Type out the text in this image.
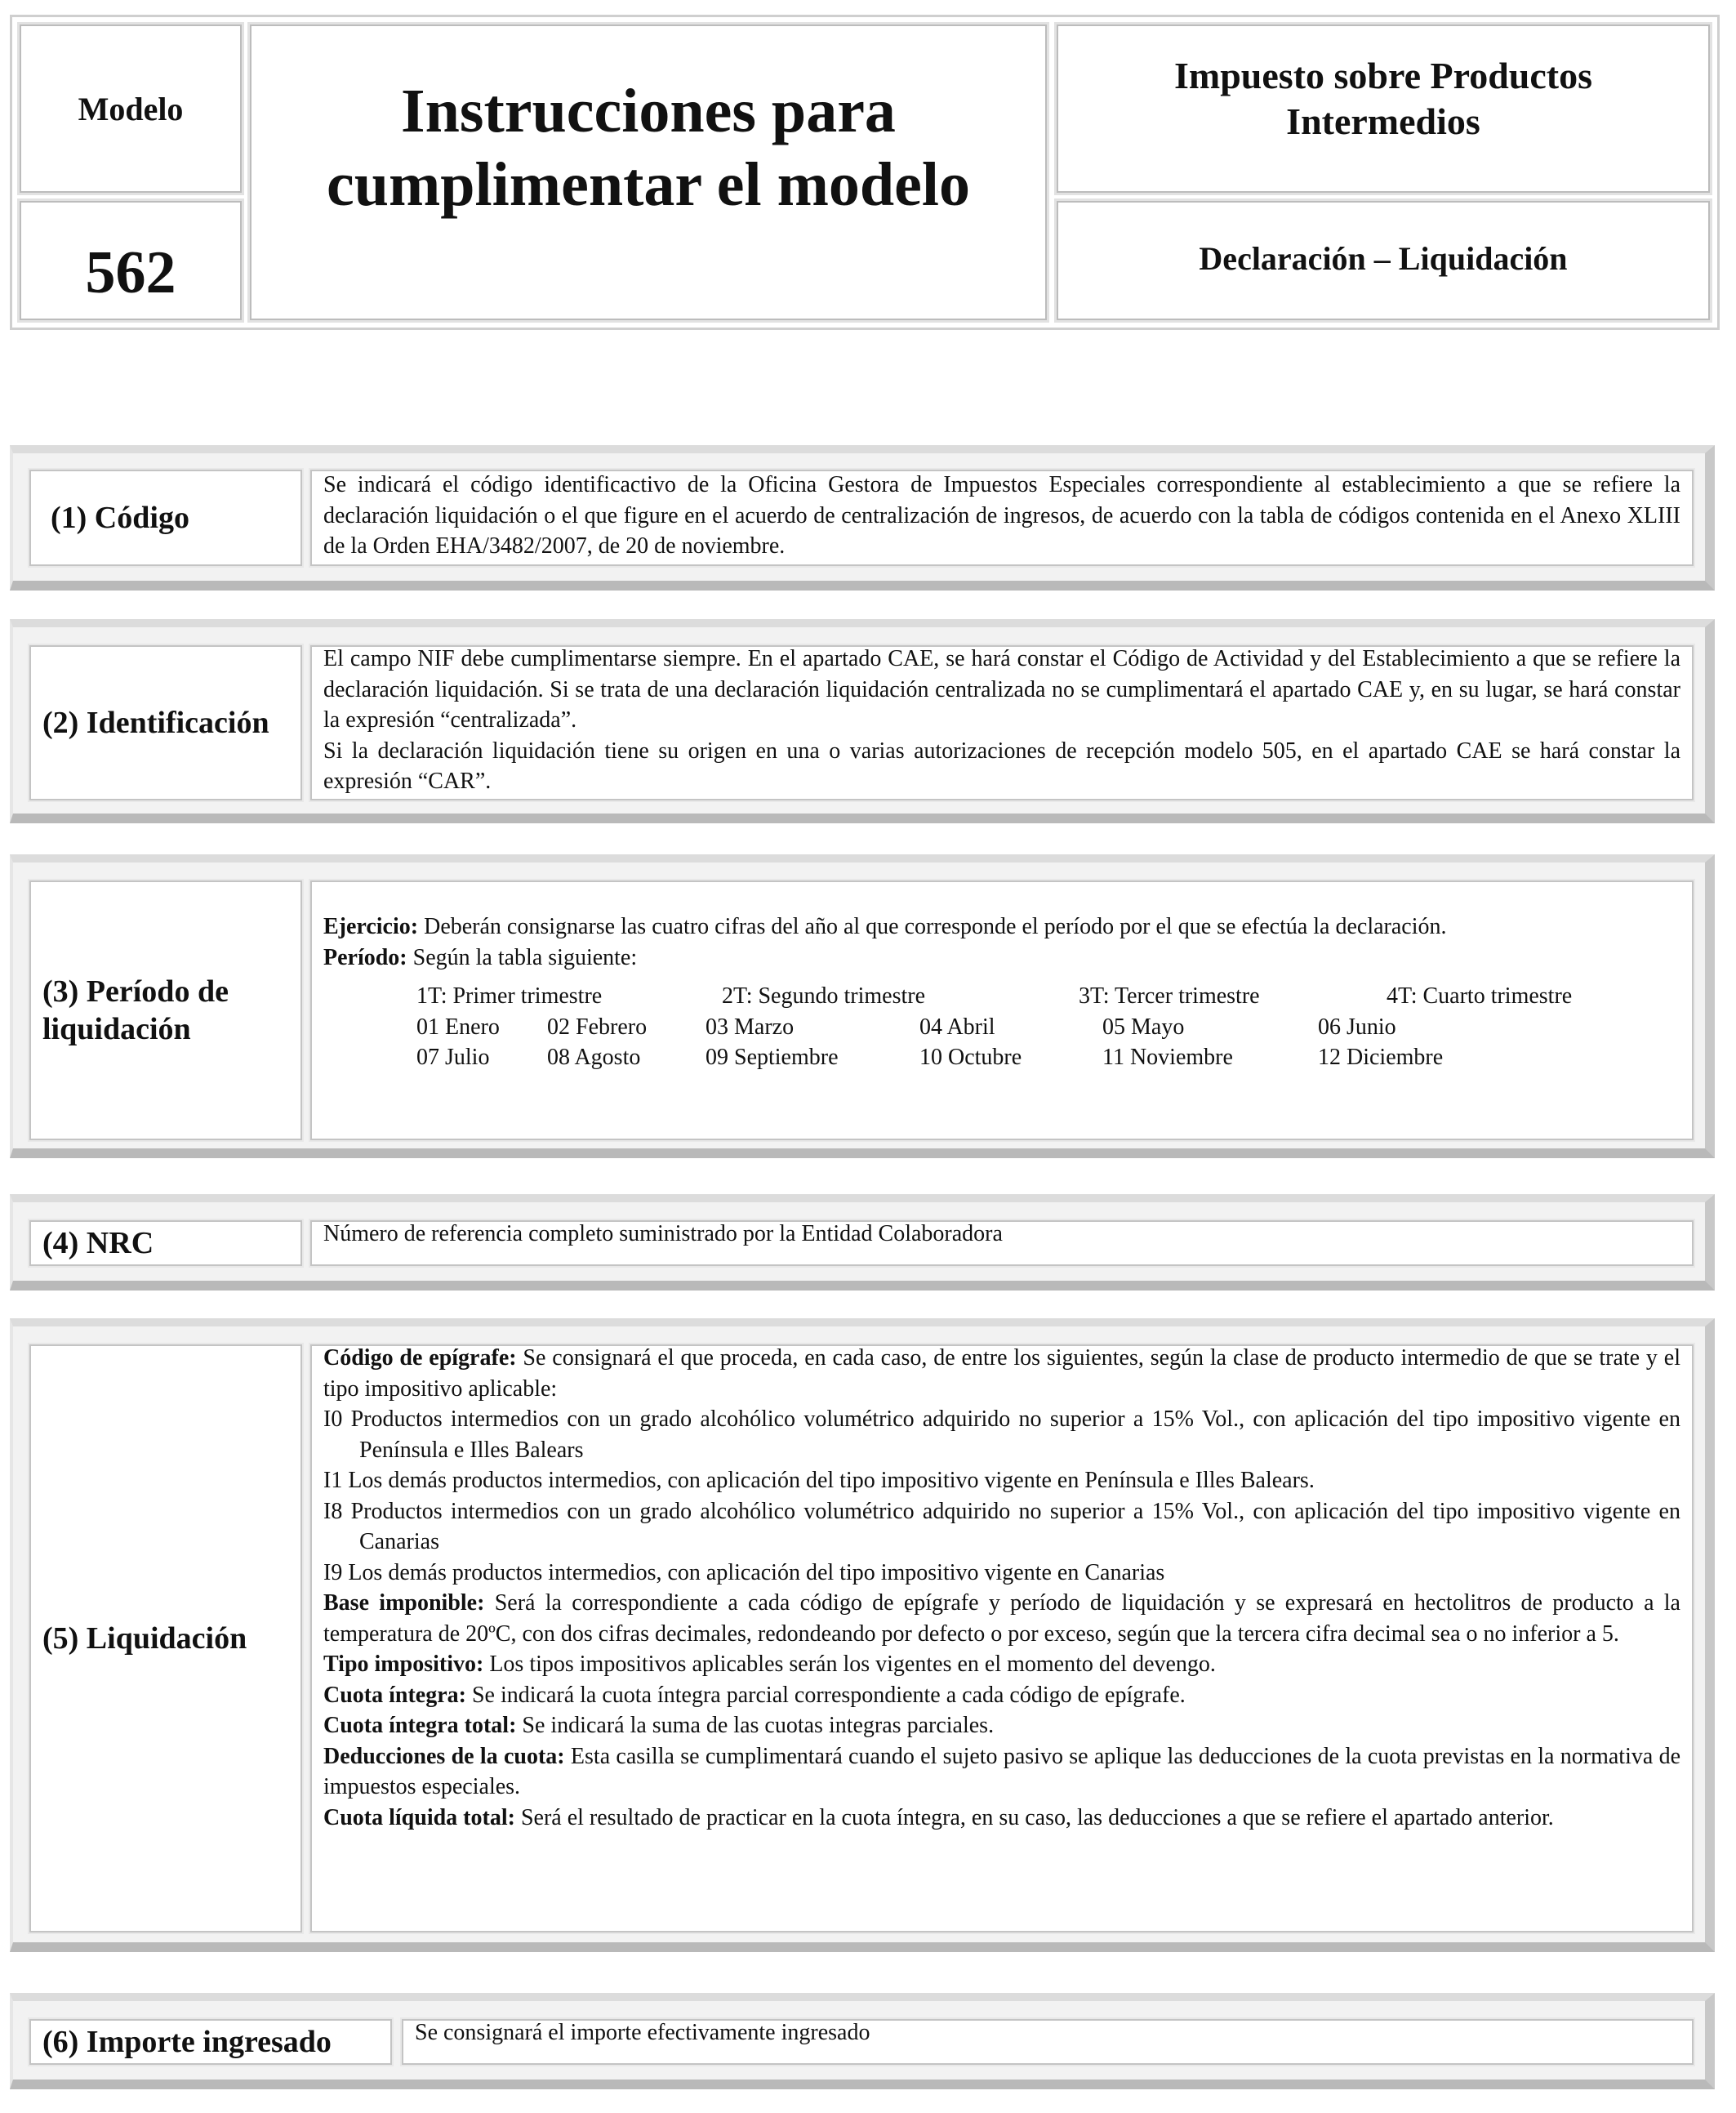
Modelo
562
Instrucciones para cumplimentar el modelo
Impuesto sobre Productos Intermedios
Declaración – Liquidación
(1) Código

Se indicará el código identificactivo de la Oficina Gestora de Impuestos Especiales correspondiente al establecimiento a que se refiere la declaración liquidación o el que figure en el acuerdo de centralización de ingresos, de acuerdo con la tabla de códigos contenida en el Anexo XLIII de la Orden EHA/3482/2007, de 20 de noviembre.

(2) Identificación

El campo NIF debe cumplimentarse siempre. En el apartado CAE, se hará constar el Código de Actividad y del Establecimiento a que se refiere la declaración liquidación. Si se trata de una declaración liquidación centralizada no se cumplimentará el apartado CAE y, en su lugar, se hará constar la expresión “centralizada”.

Si la declaración liquidación tiene su origen en una o varias autorizaciones de recepción modelo 505, en el apartado CAE se hará constar la expresión “CAR”.

(3) Período de liquidación

Ejercicio: Deberán consignarse las cuatro cifras del año al que corresponde el período por el que se efectúa la declaración.

Período: Según la tabla siguiente:

1T: Primer trimestre	2T: Segundo trimestre	3T: Tercer trimestre	4T: Cuarto trimestre
01 Enero 02 Febrero	03 Marzo	04 Abril	05 Mayo	06 Junio
07 Julio	08 Agosto	09 Septiembre	10 Octubre	11 Noviembre	12 Diciembre
(4) NRC	Número de referencia completo suministrado por la Entidad Colaboradora

(5) Liquidación

Código de epígrafe: Se consignará el que proceda, en cada caso, de entre los siguientes, según la clase de producto intermedio de que se trate y el tipo impositivo aplicable:

I0 Productos intermedios con un grado alcohólico volumétrico adquirido no superior a 15% Vol., con aplicación del tipo impositivo vigente en Península e Illes Balears

I1 Los demás productos intermedios, con aplicación del tipo impositivo vigente en Península e Illes Balears.

I8 Productos intermedios con un grado alcohólico volumétrico adquirido no superior a 15% Vol., con aplicación del tipo impositivo vigente en Canarias

I9 Los demás productos intermedios, con aplicación del tipo impositivo vigente en Canarias

Base imponible: Será la correspondiente a cada código de epígrafe y período de liquidación y se expresará en hectolitros de producto a la temperatura de 20ºC, con dos cifras decimales, redondeando por defecto o por exceso, según que la tercera cifra decimal sea o no inferior a 5.

Tipo impositivo: Los tipos impositivos aplicables serán los vigentes en el momento del devengo.

Cuota íntegra: Se indicará la cuota íntegra parcial correspondiente a cada código de epígrafe.

Cuota íntegra total: Se indicará la suma de las cuotas integras parciales.

Deducciones de la cuota: Esta casilla se cumplimentará cuando el sujeto pasivo se aplique las deducciones de la cuota previstas en la normativa de impuestos especiales.

Cuota líquida total: Será el resultado de practicar en la cuota íntegra, en su caso, las deducciones a que se refiere el apartado anterior.

(6) Importe ingresado	Se consignará el importe efectivamente ingresado
